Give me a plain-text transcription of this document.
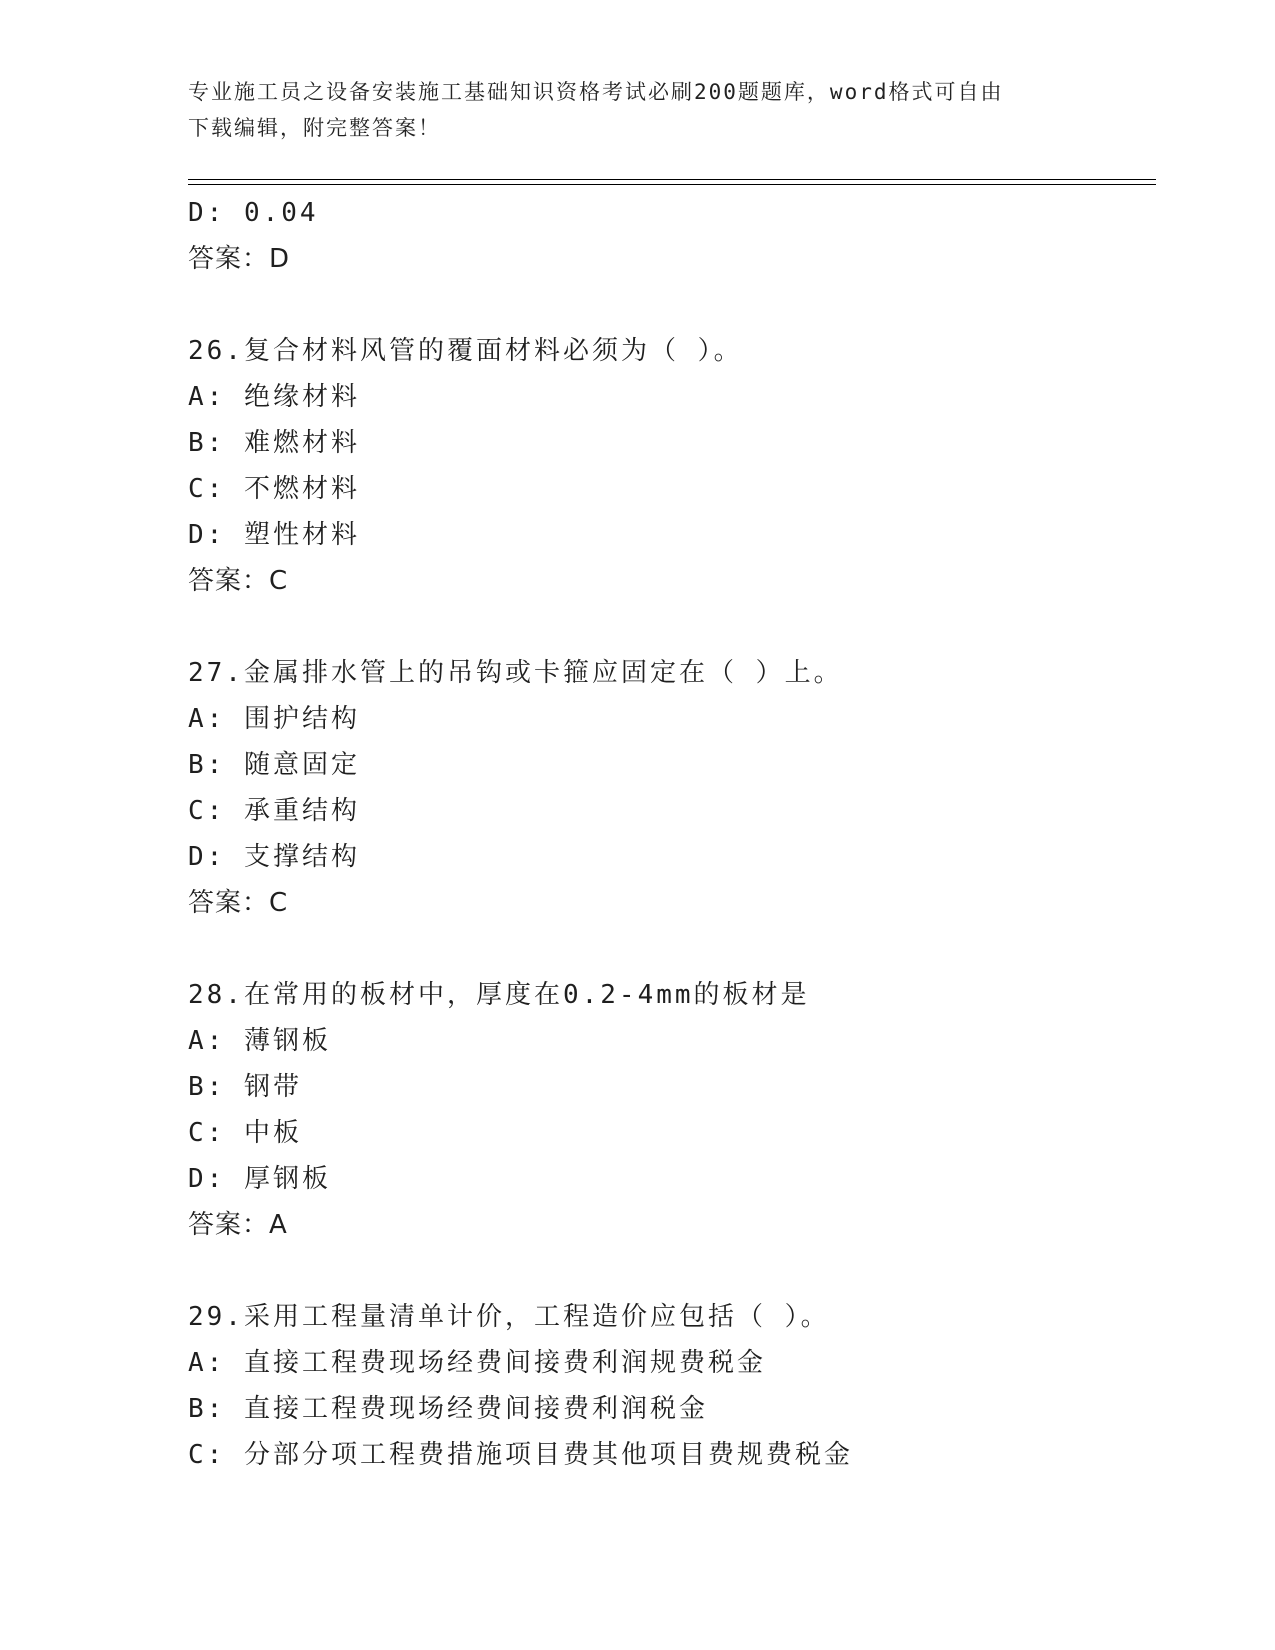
专业施工员之设备安装施工基础知识资格考试必刷200题题库，word格式可自由
下载编辑，附完整答案！
D: 0.04
答案：D
26.复合材料风管的覆面材料必须为（ ）。
A: 绝缘材料
B: 难燃材料
C: 不燃材料
D: 塑性材料
答案：C
27.金属排水管上的吊钩或卡箍应固定在（ ）上。
A: 围护结构
B: 随意固定
C: 承重结构
D: 支撑结构
答案：C
28.在常用的板材中，厚度在0.2-4mm的板材是
A: 薄钢板
B: 钢带
C: 中板
D: 厚钢板
答案：A
29.采用工程量清单计价，工程造价应包括（ ）。
A: 直接工程费现场经费间接费利润规费税金
B: 直接工程费现场经费间接费利润税金
C: 分部分项工程费措施项目费其他项目费规费税金
